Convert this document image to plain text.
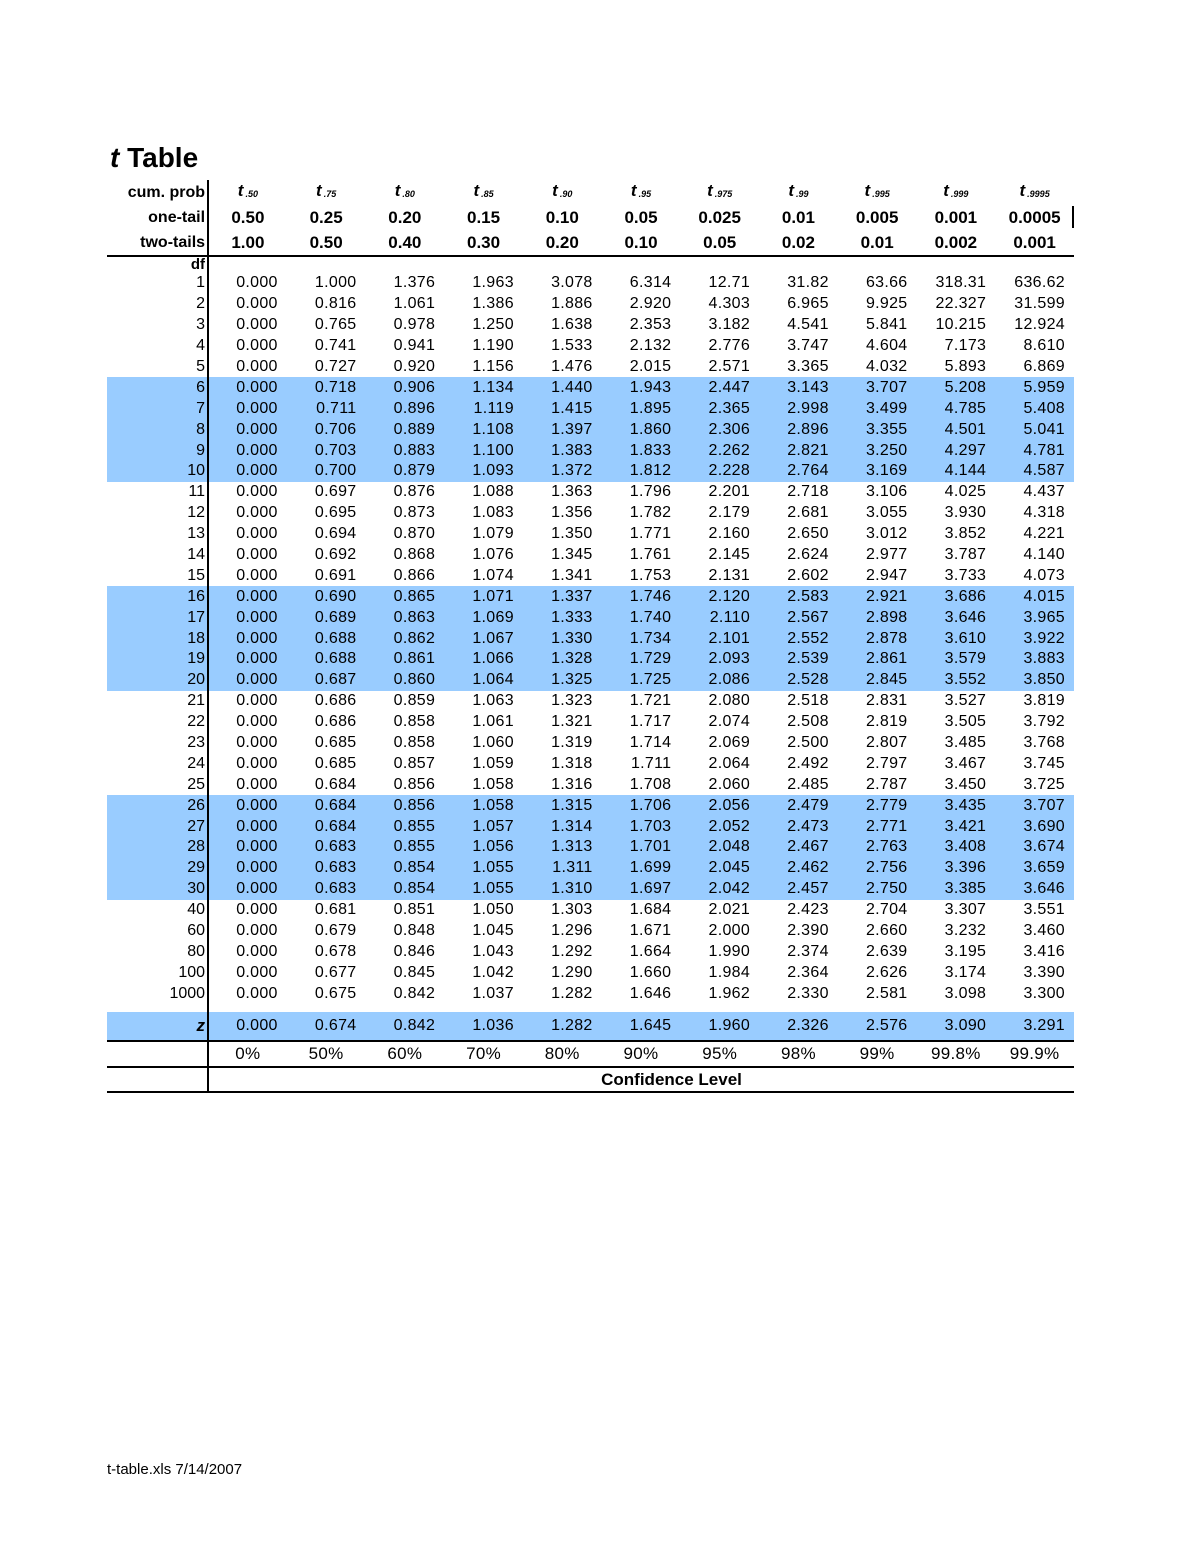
t Table
cum. prob	t .50	t .75	t .80	t .85	t .90	t .95	t .975	t .99	t .995	t .999	t .9995
one-tail	0.50	0.25	0.20	0.15	0.10	0.05	0.025	0.01	0.005	0.001	0.0005

two-tails	1.00	0.50	0.40	0.30	0.20	0.10	0.05	0.02	0.01	0.002	0.001
df											
1	0.000	1.000	1.376	1.963	3.078	6.314	12.71	31.82	63.66	318.31	636.62
2	0.000	0.816	1.061	1.386	1.886	2.920	4.303	6.965	9.925	22.327	31.599
3	0.000	0.765	0.978	1.250	1.638	2.353	3.182	4.541	5.841	10.215	12.924
4	0.000	0.741	0.941	1.190	1.533	2.132	2.776	3.747	4.604	7.173	8.610
5	0.000	0.727	0.920	1.156	1.476	2.015	2.571	3.365	4.032	5.893	6.869
6	0.000	0.718	0.906	1.134	1.440	1.943	2.447	3.143	3.707	5.208	5.959
7	0.000	0.711	0.896	1.119	1.415	1.895	2.365	2.998	3.499	4.785	5.408
8	0.000	0.706	0.889	1.108	1.397	1.860	2.306	2.896	3.355	4.501	5.041
9	0.000	0.703	0.883	1.100	1.383	1.833	2.262	2.821	3.250	4.297	4.781
10	0.000	0.700	0.879	1.093	1.372	1.812	2.228	2.764	3.169	4.144	4.587
11	0.000	0.697	0.876	1.088	1.363	1.796	2.201	2.718	3.106	4.025	4.437
12	0.000	0.695	0.873	1.083	1.356	1.782	2.179	2.681	3.055	3.930	4.318
13	0.000	0.694	0.870	1.079	1.350	1.771	2.160	2.650	3.012	3.852	4.221
14	0.000	0.692	0.868	1.076	1.345	1.761	2.145	2.624	2.977	3.787	4.140
15	0.000	0.691	0.866	1.074	1.341	1.753	2.131	2.602	2.947	3.733	4.073
16	0.000	0.690	0.865	1.071	1.337	1.746	2.120	2.583	2.921	3.686	4.015
17	0.000	0.689	0.863	1.069	1.333	1.740	2.110	2.567	2.898	3.646	3.965
18	0.000	0.688	0.862	1.067	1.330	1.734	2.101	2.552	2.878	3.610	3.922
19	0.000	0.688	0.861	1.066	1.328	1.729	2.093	2.539	2.861	3.579	3.883
20	0.000	0.687	0.860	1.064	1.325	1.725	2.086	2.528	2.845	3.552	3.850
21	0.000	0.686	0.859	1.063	1.323	1.721	2.080	2.518	2.831	3.527	3.819
22	0.000	0.686	0.858	1.061	1.321	1.717	2.074	2.508	2.819	3.505	3.792
23	0.000	0.685	0.858	1.060	1.319	1.714	2.069	2.500	2.807	3.485	3.768
24	0.000	0.685	0.857	1.059	1.318	1.711	2.064	2.492	2.797	3.467	3.745
25	0.000	0.684	0.856	1.058	1.316	1.708	2.060	2.485	2.787	3.450	3.725
26	0.000	0.684	0.856	1.058	1.315	1.706	2.056	2.479	2.779	3.435	3.707
27	0.000	0.684	0.855	1.057	1.314	1.703	2.052	2.473	2.771	3.421	3.690
28	0.000	0.683	0.855	1.056	1.313	1.701	2.048	2.467	2.763	3.408	3.674
29	0.000	0.683	0.854	1.055	1.311	1.699	2.045	2.462	2.756	3.396	3.659
30	0.000	0.683	0.854	1.055	1.310	1.697	2.042	2.457	2.750	3.385	3.646
40	0.000	0.681	0.851	1.050	1.303	1.684	2.021	2.423	2.704	3.307	3.551
60	0.000	0.679	0.848	1.045	1.296	1.671	2.000	2.390	2.660	3.232	3.460
80	0.000	0.678	0.846	1.043	1.292	1.664	1.990	2.374	2.639	3.195	3.416
100	0.000	0.677	0.845	1.042	1.290	1.660	1.984	2.364	2.626	3.174	3.390
1000	0.000	0.675	0.842	1.037	1.282	1.646	1.962	2.330	2.581	3.098	3.300

z	0.000	0.674	0.842	1.036	1.282	1.645	1.960	2.326	2.576	3.090	3.291
	0%	50%	60%	70%	80%	90%	95%	98%	99%	99.8%	99.9%
	Confidence Level										
t-table.xls 7/14/2007
